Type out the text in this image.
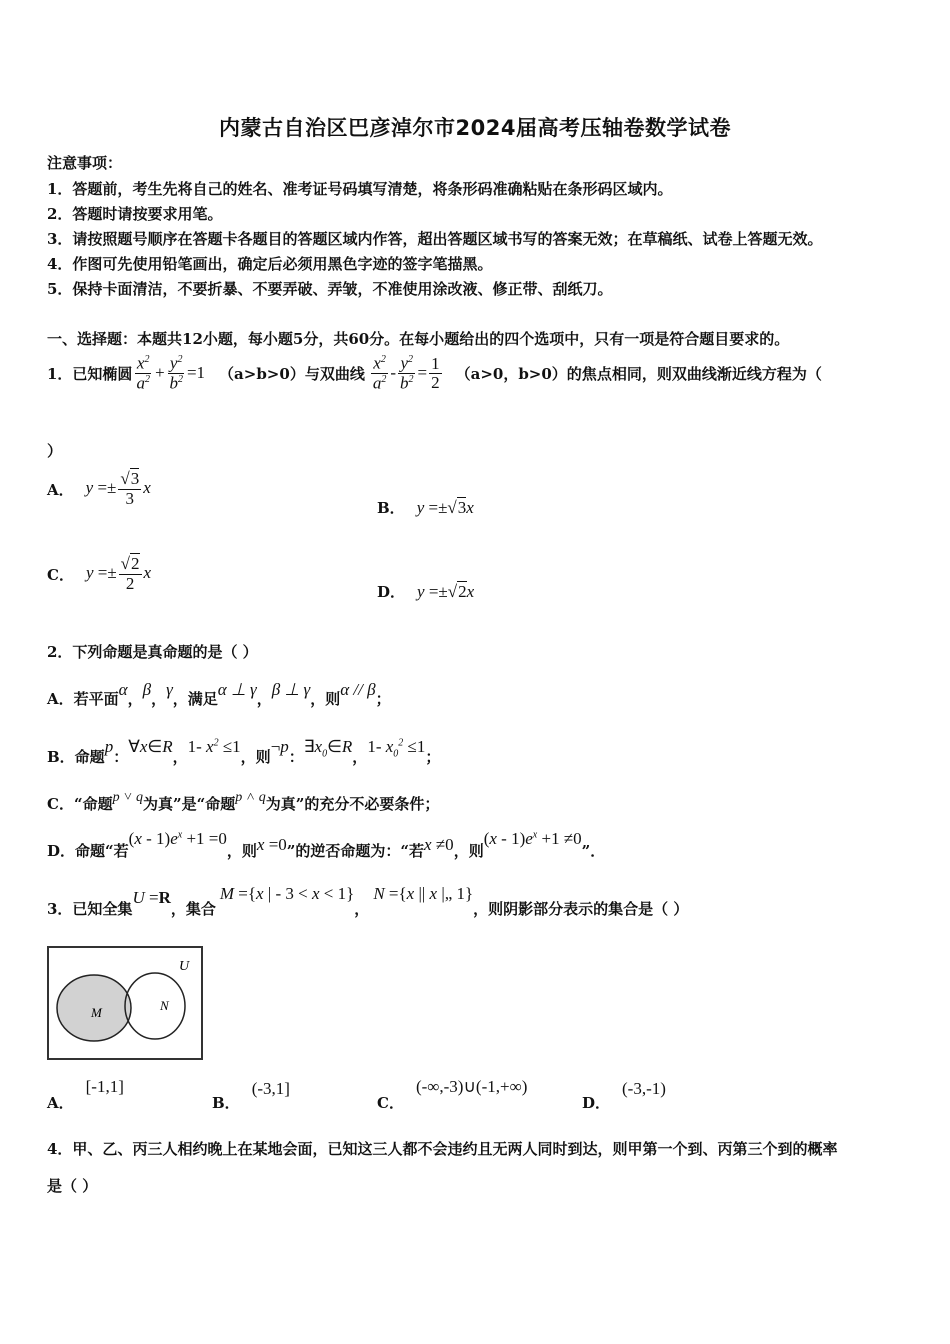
内蒙古自治区巴彦淖尔市2024届高考压轴卷数学试卷
注意事项：
1．答题前，考生先将自己的姓名、准考证号码填写清楚，将条形码准确粘贴在条形码区域内。
2．答题时请按要求用笔。
3．请按照题号顺序在答题卡各题目的答题区域内作答，超出答题区域书写的答案无效；在草稿纸、试卷上答题无效。
4．作图可先使用铅笔画出，确定后必须用黑色字迹的签字笔描黑。
5．保持卡面清洁，不要折暴、不要弄破、弄皱，不准使用涂改液、修正带、刮纸刀。
一、选择题：本题共12小题，每小题5分，共60分。在每小题给出的四个选项中，只有一项是符合题目要求的。
1．已知椭圆 $\frac{x^2}{a^2} + \frac{y^2}{b^2} =1$ （a>b>0）与双曲线 $\frac{x^2}{a^2} - \frac{y^2}{b^2} = \frac{1}{2} (a>0$，b>0）的焦点相同，则双曲线渐近线方程为（
）
A． $y =\pm \frac{√3}{3}$ x
B． y =±√3x
C． $y =\pm \frac{√2}{2}$ x
D． y =±√2x
2．下列命题是真命题的是（ ）
A．若平面 α ， β ， γ ，满足 α ⊥ γ ， β ⊥ γ ，则 α // β ；
B．命题
p
：
∀x∈R
，
1- $x^2 \le 1$
，则
¬p
：
$\exists x_0\in R$
，
1- $x_0^2 \le 1$
；
C．“命题 p ˅ q 为真”是“命题 p ˄ q 为真”的充分不必要条件；
D．命题“若
$(x - 1)e^x +1 =0$
，则 x =0 ”的逆否命题为：“若 x ≠0 ，则
$(x - 1)e^x +1 \ne 0$
”．
3．已知全集
U =R
，集合
M ={x | - 3 < x < 1}
，
N ={x || x |„ 1}
，则阴影部分表示的集合是（ ）
U
M	N
A．
[-1,1]
B．
(-3,1]
C．
(-∞,-3)∪(-1,+∞)
D．
(-3,-1)
4．甲、乙、丙三人相约晚上在某地会面，已知这三人都不会违约且无两人同时到达，则甲第一个到、丙第三个到的概率
是（ ）
